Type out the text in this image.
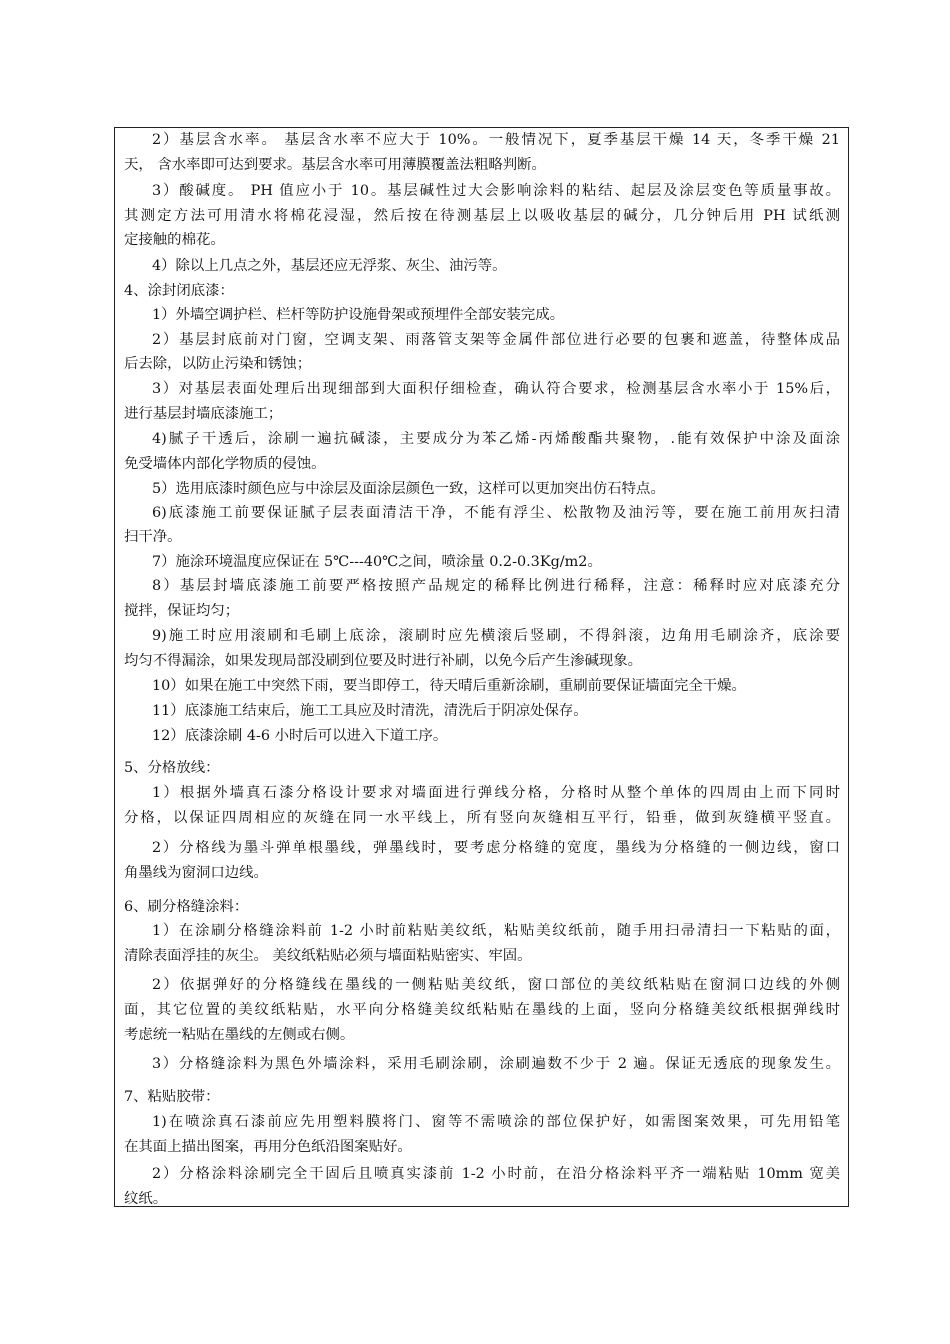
2）基层含水率。 基层含水率不应大于 10%。一般情况下，夏季基层干燥 14 天，冬季干燥 21

天， 含水率即可达到要求。基层含水率可用薄膜覆盖法粗略判断。

3）酸碱度。 PH 值应小于 10。基层碱性过大会影响涂料的粘结、起层及涂层变色等质量事故。

其测定方法可用清水将棉花浸湿，然后按在待测基层上以吸收基层的碱分，几分钟后用 PH 试纸测

定接触的棉花。

4）除以上几点之外，基层还应无浮浆、灰尘、油污等。

4、涂封闭底漆：

1）外墙空调护栏、栏杆等防护设施骨架或预埋件全部安装完成。

2）基层封底前对门窗，空调支架、雨落管支架等金属件部位进行必要的包裹和遮盖，待整体成品

后去除，以防止污染和锈蚀；

3）对基层表面处理后出现细部到大面积仔细检查，确认符合要求，检测基层含水率小于 15%后，

进行基层封墙底漆施工；

4)腻子干透后，涂刷一遍抗碱漆，主要成分为苯乙烯-丙烯酸酯共聚物，.能有效保护中涂及面涂

免受墙体内部化学物质的侵蚀。

5）选用底漆时颜色应与中涂层及面涂层颜色一致，这样可以更加突出仿石特点。

6)底漆施工前要保证腻子层表面清洁干净，不能有浮尘、松散物及油污等，要在施工前用灰扫清

扫干净。

7）施涂环境温度应保证在 5℃---40℃之间，喷涂量 0.2-0.3Kg/m2。

8）基层封墙底漆施工前要严格按照产品规定的稀释比例进行稀释，注意：稀释时应对底漆充分

搅拌，保证均匀；

9)施工时应用滚刷和毛刷上底涂，滚刷时应先横滚后竖刷，不得斜滚，边角用毛刷涂齐，底涂要

均匀不得漏涂，如果发现局部没刷到位要及时进行补刷，以免今后产生渗碱现象。

10）如果在施工中突然下雨，要当即停工，待天晴后重新涂刷，重刷前要保证墙面完全干燥。

11）底漆施工结束后，施工工具应及时清洗，清洗后于阴凉处保存。

12）底漆涂刷 4-6 小时后可以进入下道工序。

5、分格放线：

1）根据外墙真石漆分格设计要求对墙面进行弹线分格，分格时从整个单体的四周由上而下同时

分格，以保证四周相应的灰缝在同一水平线上，所有竖向灰缝相互平行，铅垂，做到灰缝横平竖直。

2）分格线为墨斗弹单根墨线，弹墨线时，要考虑分格缝的宽度，墨线为分格缝的一侧边线，窗口

角墨线为窗洞口边线。

6、刷分格缝涂料：

1）在涂刷分格缝涂料前 1-2 小时前粘贴美纹纸，粘贴美纹纸前，随手用扫帚清扫一下粘贴的面，

清除表面浮挂的灰尘。 美纹纸粘贴必须与墙面粘贴密实、牢固。

2）依据弹好的分格缝线在墨线的一侧粘贴美纹纸，窗口部位的美纹纸粘贴在窗洞口边线的外侧

面，其它位置的美纹纸粘贴，水平向分格缝美纹纸粘贴在墨线的上面，竖向分格缝美纹纸根据弹线时

考虑统一粘贴在墨线的左侧或右侧。

3）分格缝涂料为黑色外墙涂料，采用毛刷涂刷，涂刷遍数不少于 2 遍。保证无透底的现象发生。

7、粘贴胶带：

1)在喷涂真石漆前应先用塑料膜将门、窗等不需喷涂的部位保护好，如需图案效果，可先用铅笔

在其面上描出图案，再用分色纸沿图案贴好。

2）分格涂料涂刷完全干固后且喷真实漆前 1-2 小时前，在沿分格涂料平齐一端粘贴 10mm 宽美

纹纸。
